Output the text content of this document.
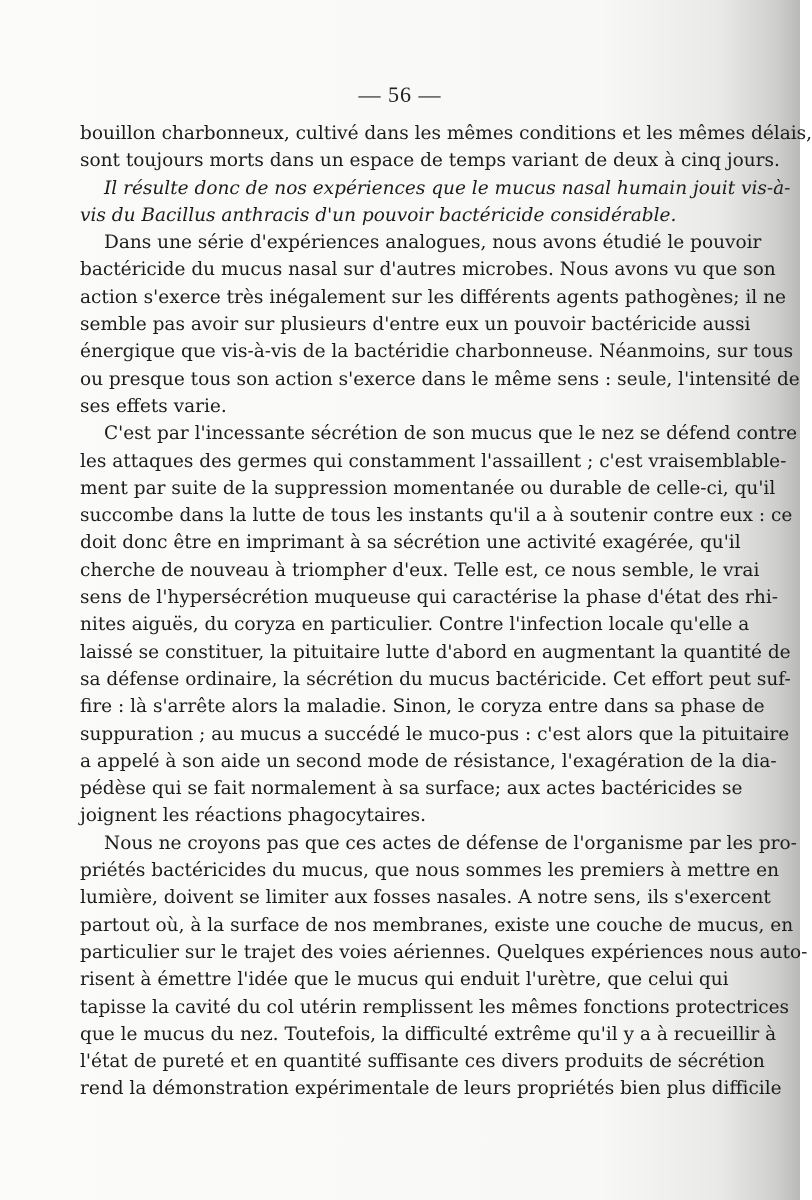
— 56 —
bouillon charbonneux, cultivé dans les mêmes conditions et les mêmes délais,
sont toujours morts dans un espace de temps variant de deux à cinq jours.
Il résulte donc de nos expériences que le mucus nasal humain jouit vis-à-
vis du Bacillus anthracis d'un pouvoir bactéricide considérable.
Dans une série d'expériences analogues, nous avons étudié le pouvoir
bactéricide du mucus nasal sur d'autres microbes. Nous avons vu que son
action s'exerce très inégalement sur les différents agents pathogènes; il ne
semble pas avoir sur plusieurs d'entre eux un pouvoir bactéricide aussi
énergique que vis-à-vis de la bactéridie charbonneuse. Néanmoins, sur tous
ou presque tous son action s'exerce dans le même sens : seule, l'intensité de
ses effets varie.
C'est par l'incessante sécrétion de son mucus que le nez se défend contre
les attaques des germes qui constamment l'assaillent ; c'est vraisemblable-
ment par suite de la suppression momentanée ou durable de celle-ci, qu'il
succombe dans la lutte de tous les instants qu'il a à soutenir contre eux : ce
doit donc être en imprimant à sa sécrétion une activité exagérée, qu'il
cherche de nouveau à triompher d'eux. Telle est, ce nous semble, le vrai
sens de l'hypersécrétion muqueuse qui caractérise la phase d'état des rhi-
nites aiguës, du coryza en particulier. Contre l'infection locale qu'elle a
laissé se constituer, la pituitaire lutte d'abord en augmentant la quantité de
sa défense ordinaire, la sécrétion du mucus bactéricide. Cet effort peut suf-
fire : là s'arrête alors la maladie. Sinon, le coryza entre dans sa phase de
suppuration ; au mucus a succédé le muco-pus : c'est alors que la pituitaire
a appelé à son aide un second mode de résistance, l'exagération de la dia-
pédèse qui se fait normalement à sa surface; aux actes bactéricides se
joignent les réactions phagocytaires.
Nous ne croyons pas que ces actes de défense de l'organisme par les pro-
priétés bactéricides du mucus, que nous sommes les premiers à mettre en
lumière, doivent se limiter aux fosses nasales. A notre sens, ils s'exercent
partout où, à la surface de nos membranes, existe une couche de mucus, en
particulier sur le trajet des voies aériennes. Quelques expériences nous auto-
risent à émettre l'idée que le mucus qui enduit l'urètre, que celui qui
tapisse la cavité du col utérin remplissent les mêmes fonctions protectrices
que le mucus du nez. Toutefois, la difficulté extrême qu'il y a à recueillir à
l'état de pureté et en quantité suffisante ces divers produits de sécrétion
rend la démonstration expérimentale de leurs propriétés bien plus difficile
